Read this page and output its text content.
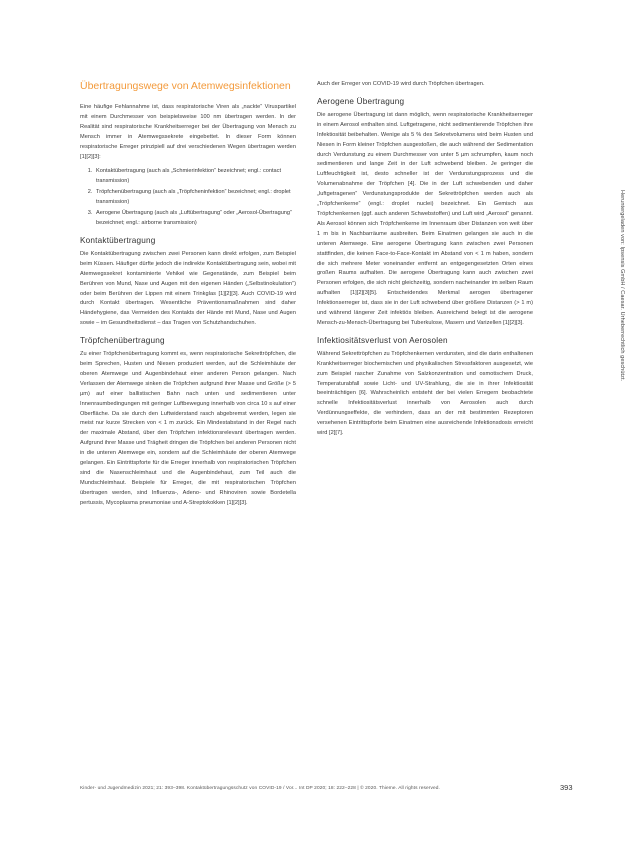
Übertragungswege von Atemwegsinfektionen

Eine häufige Fehlannahme ist, dass respiratorische Viren als „nackte“ Viruspartikel mit einem Durchmesser von beispielsweise 100 nm übertragen werden. In der Realität sind respiratorische Krankheitserreger bei der Übertragung von Mensch zu Mensch immer in Atemwegssekrete eingebettet. In dieser Form können respiratorische Erreger prinzipiell auf drei verschiedenen Wegen übertragen werden [1][2][3]:

1. Kontaktübertragung (auch als „Schmierinfektion“ bezeichnet; engl.: contact transmission)
2. Tröpfchenübertragung (auch als „Tröpfcheninfektion“ bezeichnet; engl.: droplet transmission)
3. Aerogene Übertragung (auch als „Luftübertragung“ oder „Aerosol-Übertragung“ bezeichnet; engl.: airborne transmission)
Kontaktübertragung

Die Kontaktübertragung zwischen zwei Personen kann direkt erfolgen, zum Beispiel beim Küssen. Häufiger dürfte jedoch die indirekte Kontaktübertragung sein, wobei mit Atemwegssekret kontaminierte Vehikel wie Gegenstände, zum Beispiel beim Berühren von Mund, Nase und Augen mit den eigenen Händen („Selbstinokulation“) oder beim Berühren der Lippen mit einem Trinkglas [1][2][3]. Auch COVID-19 wird durch Kontakt übertragen. Wesentliche Präventionsmaßnahmen sind daher Händehygiene, das Vermeiden des Kontakts der Hände mit Mund, Nase und Augen sowie – im Gesundheitsdienst – das Tragen von Schutzhandschuhen.

Tröpfchenübertragung

Zu einer Tröpfchenübertragung kommt es, wenn respiratorische Sekrettröpfchen, die beim Sprechen, Husten und Niesen produziert werden, auf die Schleimhäute der oberen Atemwege und Augenbindehaut einer anderen Person gelangen. Nach Verlassen der Atemwege sinken die Tröpfchen aufgrund ihrer Masse und Größe (> 5 µm) auf einer ballistischen Bahn nach unten und sedimentieren unter Innenraumbedingungen mit geringer Luftbewegung innerhalb von circa 10 s auf einer Oberfläche. Da sie durch den Luftwiderstand rasch abgebremst werden, legen sie meist nur kurze Strecken von < 1 m zurück. Ein Mindestabstand in der Regel nach der maximale Abstand, über den Tröpfchen infektionsrelevant übertragen werden. Aufgrund ihrer Masse und Trägheit dringen die Tröpfchen bei anderen Personen nicht in die unteren Atemwege ein, sondern auf die Schleimhäute der oberen Atemwege gelangen. Ein Eintrittspforte für die Erreger innerhalb von respiratorischen Tröpfchen sind die Nasenschleimhaut und die Augenbindehaut, zum Teil auch die Mundschleimhaut. Beispiele für Erreger, die mit respiratorischen Tröpfchen übertragen werden, sind Influenza-, Adeno- und Rhinoviren sowie Bordetella pertussis, Mycoplasma pneumoniae und A-Streptokokken [1][2][3].

Auch der Erreger von COVID-19 wird durch Tröpfchen übertragen.

Aerogene Übertragung

Die aerogene Übertragung ist dann möglich, wenn respiratorische Krankheitserreger in einem Aerosol enthalten sind. Luftgetragene, nicht sedimentierende Tröpfchen ihre Infektiosität beibehalten. Wenige als 5 % des Sekretvolumens wird beim Husten und Niesen in Form kleiner Tröpfchen ausgestoßen, die auch während der Sedimentation durch Verdunstung zu einem Durchmesser von unter 5 µm schrumpfen, kaum noch sedimentieren und lange Zeit in der Luft schwebend bleiben. Je geringer die Luftfeuchtigkeit ist, desto schneller ist der Verdunstungsprozess und die Volumenabnahme der Tröpfchen [4]. Die in der Luft schwebenden und daher „luftgetragenen“ Verdunstungsprodukte der Sekrettröpfchen werden auch als „Tröpfchenkerne“ (engl.: droplet nuclei) bezeichnet. Ein Gemisch aus Tröpfchenkernen (ggf. auch anderen Schwebstoffen) und Luft wird „Aerosol“ genannt. Als Aerosol können sich Tröpfchenkerne im Innenraum über Distanzen von weit über 1 m bis in Nachbarräume ausbreiten. Beim Einatmen gelangen sie auch in die unteren Atemwege. Eine aerogene Übertragung kann zwischen zwei Personen stattfinden, die keinen Face-to-Face-Kontakt im Abstand von < 1 m haben, sondern die sich mehrere Meter voneinander entfernt an entgegengesetzten Orten eines großen Raums aufhalten. Die aerogene Übertragung kann auch zwischen zwei Personen erfolgen, die sich nicht gleichzeitig, sondern nacheinander im selben Raum aufhalten [1][2][3][5]. Entscheidendes Merkmal aerogen übertragener Infektionserreger ist, dass sie in der Luft schwebend über größere Distanzen (> 1 m) und während längerer Zeit infektiös bleiben. Ausreichend belegt ist die aerogene Mensch-zu-Mensch-Übertragung bei Tuberkulose, Masern und Varizellen [1][2][3].

Infektiositätsverlust von Aerosolen

Während Sekrettröpfchen zu Tröpfchenkernen verdunsten, sind die darin enthaltenen Krankheitserreger biochemischen und physikalischen Stressfaktoren ausgesetzt, wie zum Beispiel rascher Zunahme von Salzkonzentration und osmotischem Druck, Temperaturabfall sowie Licht- und UV-Strahlung, die sie in ihrer Infektiosität beeinträchtigen [6]. Wahrscheinlich entsteht der bei vielen Erregern beobachtete schnelle Infektiositätsverlust innerhalb von Aerosolen auch durch Verdünnungseffekte, die verhindern, dass an der mit bestimmten Rezeptoren versehenen Eintrittspforte beim Einatmen eine ausreichende Infektionsdosis erreicht wird [2][7].

Heruntergeladen von: Ipsensis GmbH / Caesar. Urheberrechtlich geschützt.
Kinder- und Jugendmedizin 2021; 21: 393–398. Kontaktübertragungsschutz von COVID-19 / Vor... Int DP 2020; 18: 222–228 | © 2020. Thieme. All rights reserved.	393
